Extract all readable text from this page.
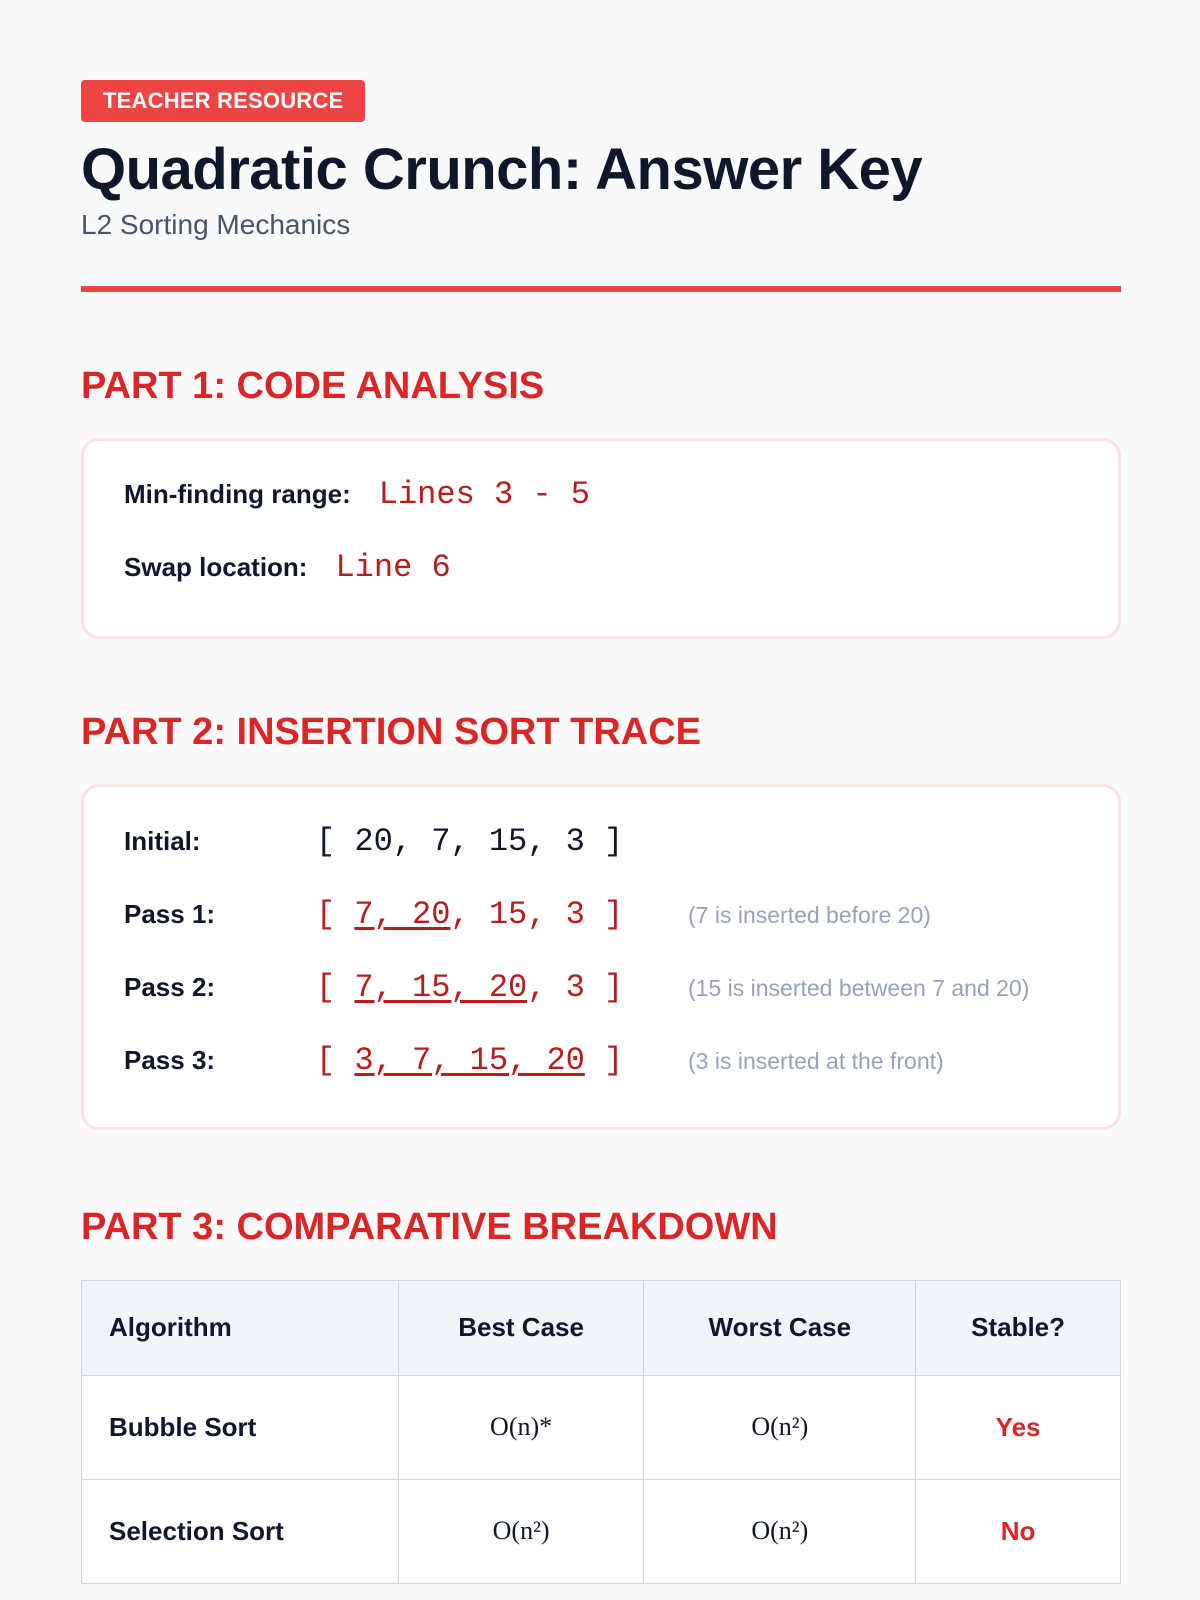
TEACHER RESOURCE
Quadratic Crunch: Answer Key
L2 Sorting Mechanics
PART 1: CODE ANALYSIS
Min-finding range: Lines 3 - 5
Swap location: Line 6
PART 2: INSERTION SORT TRACE
Initial:	[ 20, 7, 15, 3 ]
Pass 1:	[ 7, 20, 15, 3 ]	(7 is inserted before 20)
Pass 2:	[ 7, 15, 20, 3 ]	(15 is inserted between 7 and 20)
Pass 3:	[ 3, 7, 15, 20 ]	(3 is inserted at the front)
PART 3: COMPARATIVE BREAKDOWN
Algorithm	Best Case	Worst Case	Stable?
Bubble Sort	O(n)*	O(n²)	Yes
Selection Sort	O(n²)	O(n²)	No
